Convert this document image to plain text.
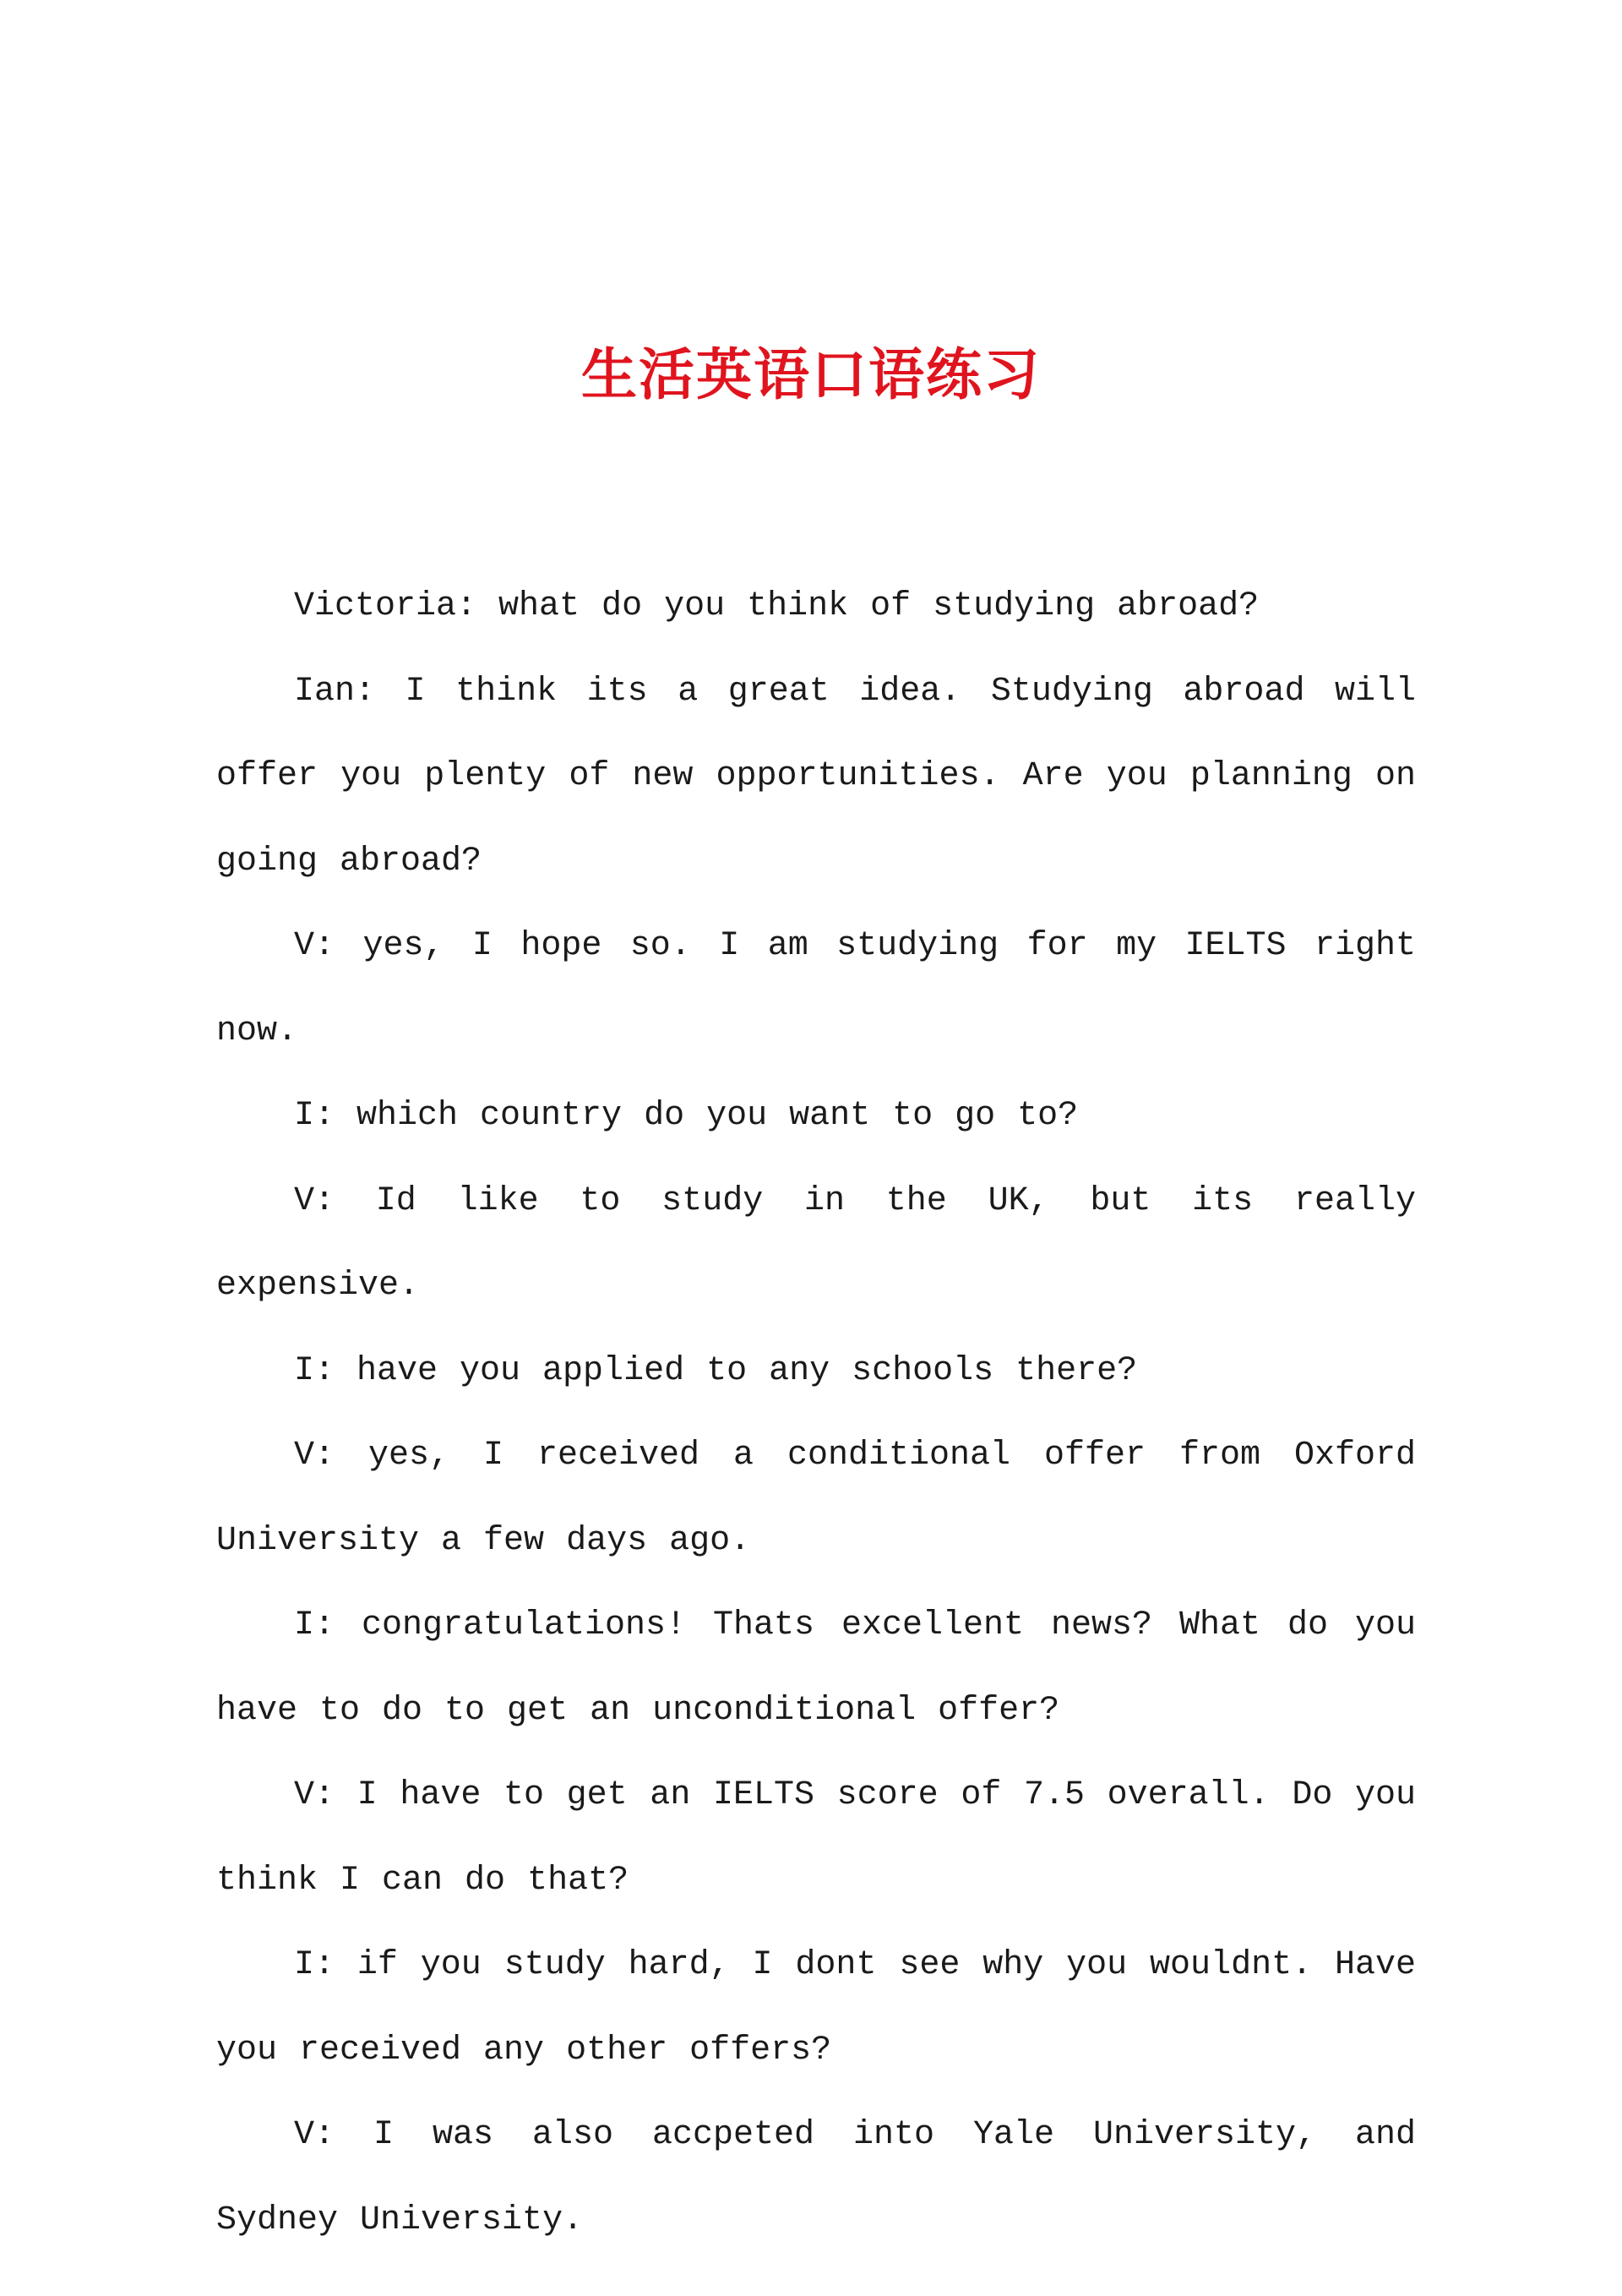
生活英语口语练习

Victoria: what do you think of studying abroad?

Ian: I think its a great idea. Studying abroad will offer you plenty of new opportunities. Are you planning on going abroad?

V: yes, I hope so. I am studying for my IELTS right now.

I: which country do you want to go to?

V: Id like to study in the UK, but its really expensive.

I: have you applied to any schools there?

V: yes, I received a conditional offer from Oxford University a few days ago.

I: congratulations! Thats excellent news? What do you have to do to get an unconditional offer?

V: I have to get an IELTS score of 7.5 overall. Do you think I can do that?

I: if you study hard, I dont see why you wouldnt. Have you received any other offers?

V: I was also accpeted into Yale University, and Sydney University.
